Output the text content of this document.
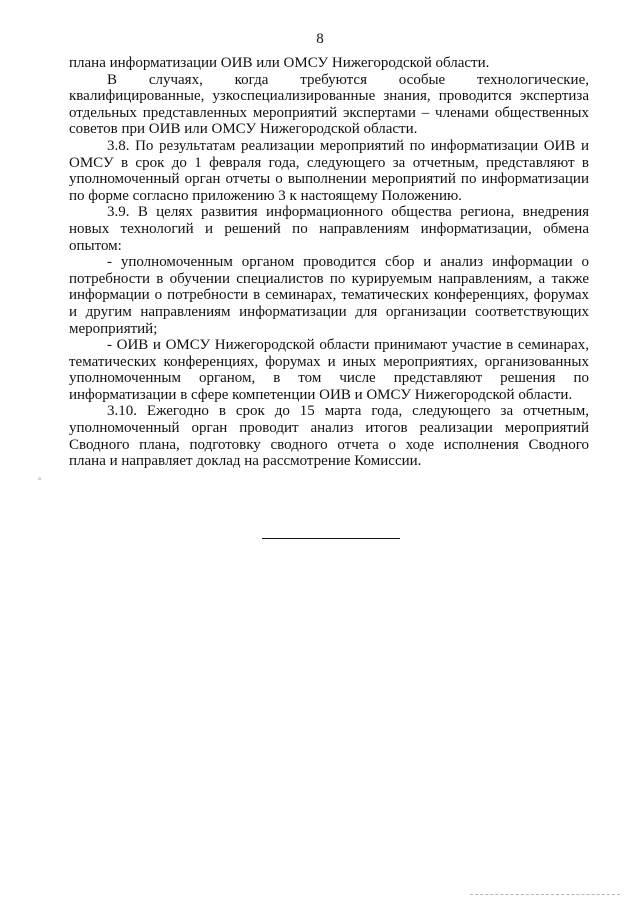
8
плана информатизации ОИВ или ОМСУ Нижегородской области.
В случаях, когда требуются особые технологические,
квалифицированные, узкоспециализированные знания, проводится экспертиза
отдельных представленных мероприятий экспертами – членами общественных
советов при ОИВ или ОМСУ Нижегородской области.
3.8. По результатам реализации мероприятий по информатизации ОИВ и
ОМСУ в срок до 1 февраля года, следующего за отчетным, представляют в
уполномоченный орган отчеты о выполнении мероприятий по информатизации
по форме согласно приложению 3 к настоящему Положению.
3.9. В целях развития информационного общества региона, внедрения
новых технологий и решений по направлениям информатизации, обмена
опытом:
- уполномоченным органом проводится сбор и анализ информации о
потребности в обучении специалистов по курируемым направлениям, а также
информации о потребности в семинарах, тематических конференциях, форумах
и другим направлениям информатизации для организации соответствующих
мероприятий;
- ОИВ и ОМСУ Нижегородской области принимают участие в семинарах,
тематических конференциях, форумах и иных мероприятиях, организованных
уполномоченным органом, в том числе представляют решения по
информатизации в сфере компетенции ОИВ и ОМСУ Нижегородской области.
3.10. Ежегодно в срок до 15 марта года, следующего за отчетным,
уполномоченный орган проводит анализ итогов реализации мероприятий
Сводного плана, подготовку сводного отчета о ходе исполнения Сводного
плана и направляет доклад на рассмотрение Комиссии.
°
